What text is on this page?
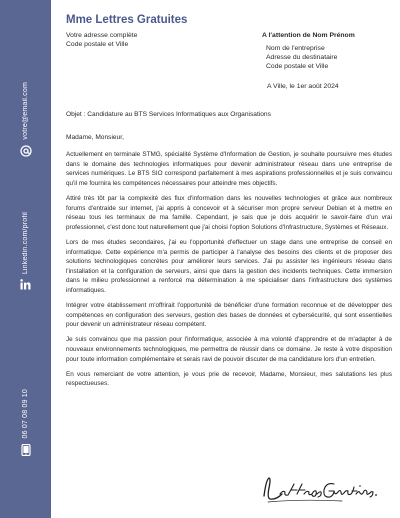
votre@email.com
Linkedin.com/profil
06 07 08 09 10
Mme Lettres Gratuites
Votre adresse complète
Code postale et Ville
A l'attention de Nom Prénom
Nom de l'entreprise
Adresse du destinataire
Code postale et Ville
A Ville, le 1er août 2024
Objet : Candidature au BTS Services Informatiques aux Organisations
Madame, Monsieur,

Actuellement en terminale STMG, spécialité Système d'Information de Gestion, je souhaite poursuivre mes études dans le domaine des technologies informatiques pour devenir administrateur réseau dans une entreprise de services numériques. Le BTS SIO correspond parfaitement à mes aspirations professionnelles et je suis convaincu qu'il me fournira les compétences nécessaires pour atteindre mes objectifs.

Attiré très tôt par la complexité des flux d'information dans les nouvelles technologies et grâce aux nombreux forums d'entraide sur internet, j'ai appris à concevoir et à sécuriser mon propre serveur Debian et à mettre en réseau tous les terminaux de ma famille. Cependant, je sais que je dois acquérir le savoir-faire d'un vrai professionnel, c'est donc tout naturellement que j'ai choisi l'option Solutions d'Infrastructure, Systèmes et Réseaux.

Lors de mes études secondaires, j'ai eu l'opportunité d'effectuer un stage dans une entreprise de conseil en informatique. Cette expérience m'a permis de participer à l'analyse des besoins des clients et de proposer des solutions technologiques concrètes pour améliorer leurs services. J'ai pu assister les ingénieurs réseau dans l'installation et la configuration de serveurs, ainsi que dans la gestion des incidents techniques. Cette immersion dans le milieu professionnel a renforcé ma détermination à me spécialiser dans l'infrastructure des systèmes informatiques.

Intégrer votre établissement m'offrirait l'opportunité de bénéficier d'une formation reconnue et de développer des compétences en configuration des serveurs, gestion des bases de données et cybersécurité, qui sont essentielles pour devenir un administrateur réseau compétent.

Je suis convaincu que ma passion pour l'informatique, associée à ma volonté d'apprendre et de m'adapter à de nouveaux environnements technologiques, me permettra de réussir dans ce domaine. Je reste à votre disposition pour toute information complémentaire et serais ravi de pouvoir discuter de ma candidature lors d'un entretien.

En vous remerciant de votre attention, je vous prie de recevoir, Madame, Monsieur, mes salutations les plus respectueuses.
